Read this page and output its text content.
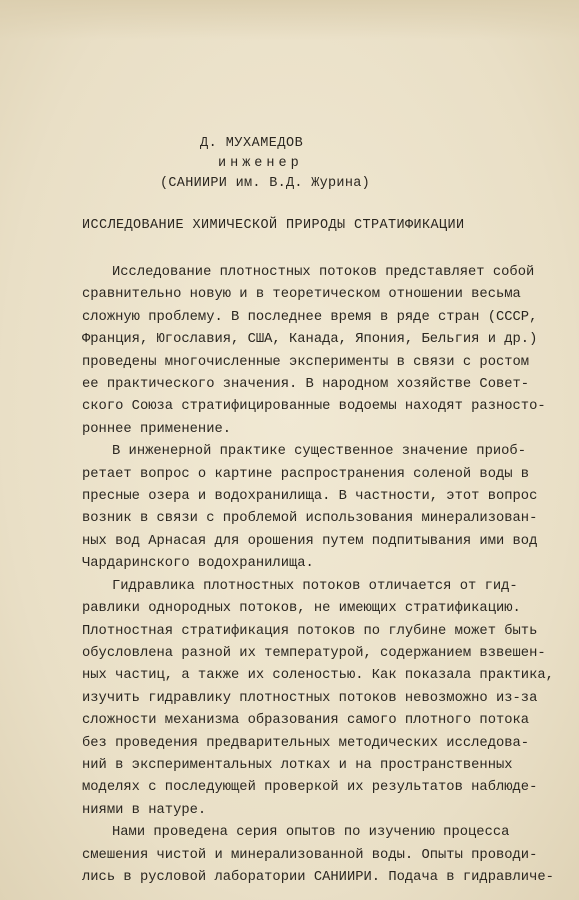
Д. МУХАМЕДОВ
инженер
(САНИИРИ им. В.Д. Журина)
ИССЛЕДОВАНИЕ ХИМИЧЕСКОЙ ПРИРОДЫ СТРАТИФИКАЦИИ
Исследование плотностных потоков представляет собой
сравнительно новую и в теоретическом отношении весьма
сложную проблему. В последнее время в ряде стран (СССР,
Франция, Югославия, США, Канада, Япония, Бельгия и др.)
проведены многочисленные эксперименты в связи с ростом
ее практического значения. В народном хозяйстве Совет-
ского Союза стратифицированные водоемы находят разносто-
роннее применение.
В инженерной практике существенное значение приоб-
ретает вопрос о картине распространения соленой воды в
пресные озера и водохранилища. В частности, этот вопрос
возник в связи с проблемой использования минерализован-
ных вод Арнасая для орошения путем подпитывания ими вод
Чардаринского водохранилища.
Гидравлика плотностных потоков отличается от гид-
равлики однородных потоков, не имеющих стратификацию.
Плотностная стратификация потоков по глубине может быть
обусловлена разной их температурой, содержанием взвешен-
ных частиц, а также их соленостью. Как показала практика,
изучить гидравлику плотностных потоков невозможно из-за
сложности механизма образования самого плотного потока
без проведения предварительных методических исследова-
ний в экспериментальных лотках и на пространственных
моделях с последующей проверкой их результатов наблюде-
ниями в натуре.
Нами проведена серия опытов по изучению процесса
смешения чистой и минерализованной воды. Опыты проводи-
лись в русловой лаборатории САНИИРИ. Подача в гидравличе-
